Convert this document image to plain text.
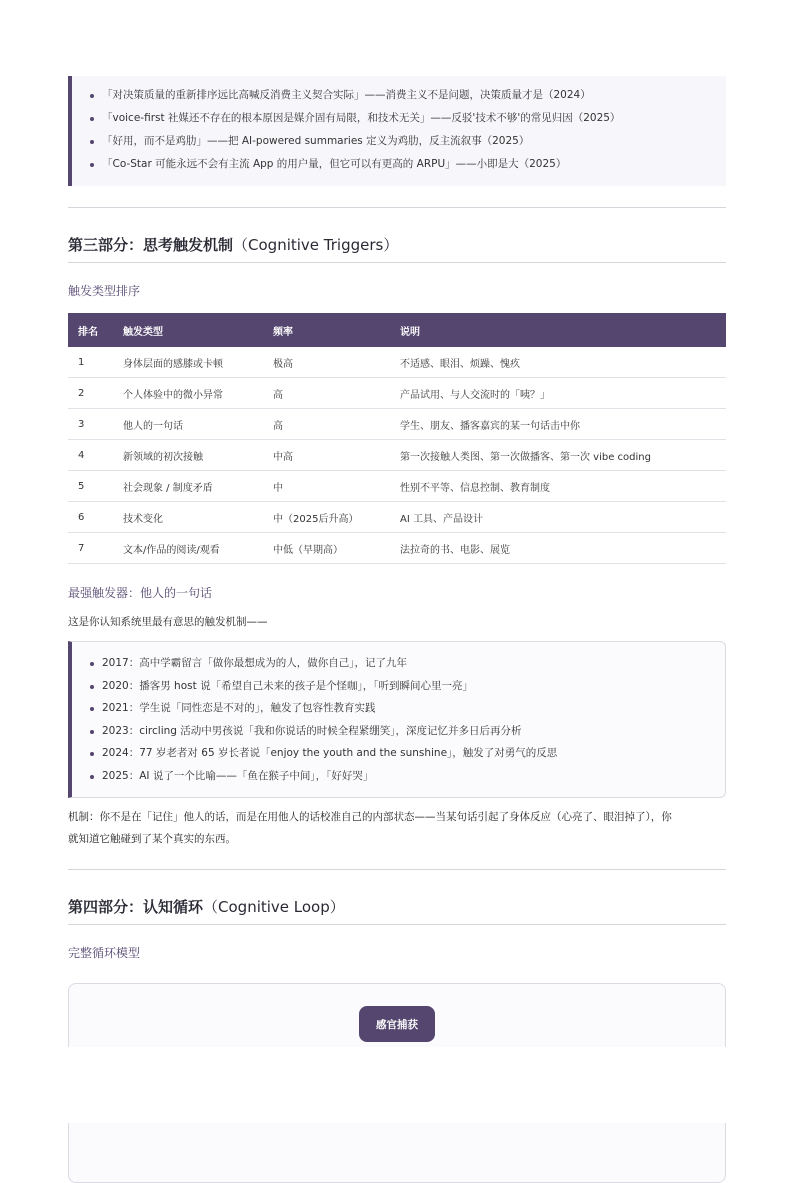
「对决策质量的重新排序远比高喊反消费主义契合实际」——消费主义不是问题，决策质量才是（2024）
「voice-first 社媒还不存在的根本原因是媒介固有局限，和技术无关」——反驳'技术不够'的常见归因（2025）
「好用，而不是鸡肋」——把 AI-powered summaries 定义为鸡肋，反主流叙事（2025）
「Co-Star 可能永远不会有主流 App 的用户量，但它可以有更高的 ARPU」——小即是大（2025）
第三部分：思考触发机制（Cognitive Triggers）
触发类型排序
排名	触发类型	频率	说明
1	身体层面的感膝或卡顿	极高	不适感、眼泪、烦躁、愧疚
2	个人体验中的微小异常	高	产品试用、与人交流时的「咦？」
3	他人的一句话	高	学生、朋友、播客嘉宾的某一句话击中你
4	新领域的初次接触	中高	第一次接触人类图、第一次做播客、第一次 vibe coding
5	社会现象 / 制度矛盾	中	性别不平等、信息控制、教育制度
6	技术变化	中（2025后升高）	AI 工具、产品设计
7	文本/作品的阅读/观看	中低（早期高）	法拉奇的书、电影、展览
最强触发器：他人的一句话
这是你认知系统里最有意思的触发机制——
2017：高中学霸留言「做你最想成为的人，做你自己」，记了九年
2020：播客男 host 说「希望自己未来的孩子是个怪咖」，「听到瞬间心里一亮」
2021：学生说「同性恋是不对的」，触发了包容性教育实践
2023：circling 活动中男孩说「我和你说话的时候全程紧绷笑」，深度记忆并多日后再分析
2024：77 岁老者对 65 岁长者说「enjoy the youth and the sunshine」，触发了对勇气的反思
2025：AI 说了一个比喻——「鱼在猴子中间」，「好好哭」
机制：你不是在「记住」他人的话，而是在用他人的话校准自己的内部状态——当某句话引起了身体反应（心亮了、眼泪掉了），你
就知道它触碰到了某个真实的东西。
第四部分：认知循环（Cognitive Loop）
完整循环模型
感官捕获
